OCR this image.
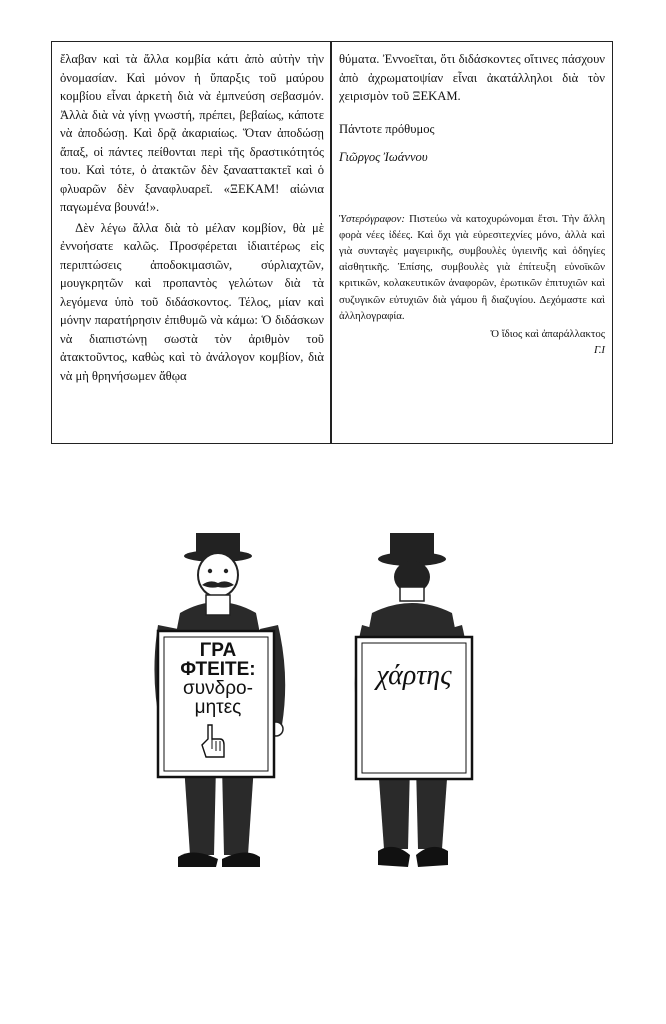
ἔλαβαν καὶ τὰ ἄλλα κομβία κάτι ἀπὸ αὐτὴν τὴν ὀνομασίαν. Καὶ μόνον ἡ ὕπαρξις τοῦ μαύρου κομβίου εἶναι ἀρκετὴ διὰ νὰ ἐμπνεύση σεβασμόν. Ἀλλὰ διὰ νὰ γίνῃ γνωστή, πρέπει, βεβαίως, κάποτε νὰ ἀποδώσῃ. Καὶ δρᾷ ἀκαριαίως. Ὅταν ἀποδώσῃ ἅπαξ, οἱ πάντες πείθονται περὶ τῆς δραστικότητός του. Καὶ τότε, ὁ ἀτακτῶν δὲν ξανααττακτεῖ καὶ ὁ φλυαρῶν δὲν ξαναφλυαρεῖ. «ΞΕΚΑΜ! αἰώνια παγωμένα βουνά!».

Δὲν λέγω ἄλλα διὰ τὸ μέλαν κομβίον, θὰ μὲ ἐννοήσατε καλῶς. Προσφέρεται ἰδιαιτέρως εἰς περιπτώσεις ἀποδοκιμασιῶν, σύρλιαχτῶν, μουγκρητῶν καὶ προπαντὸς γελώτων διὰ τὰ λεγόμενα ὑπὸ τοῦ διδάσκοντος. Τέλος, μίαν καὶ μόνην παρατήρησιν ἐπιθυμῶ νὰ κάμω: Ὁ διδάσκων νὰ διαπιστώνῃ σωστὰ τὸν ἀριθμὸν τοῦ ἀτακτοῦντος, καθὼς καὶ τὸ ἀνάλογον κομβίον, διὰ νὰ μὴ θρηνήσωμεν ἄθῳα

θύματα. Ἐννοεῖται, ὅτι διδάσκοντες οἵτινες πάσχουν ἀπὸ ἀχρωματοψίαν εἶναι ἀκατάλληλοι διὰ τὸν χειρισμὸν τοῦ ΞΕΚΑΜ.

Πάντοτε πρόθυμος

Γιῶργος Ἰωάννου

Ὑστερόγραφον: Πιστεύω νὰ κατοχυρώνομαι ἔτσι. Τὴν ἄλλη φορὰ νέες ἰδέες. Καὶ ὄχι γιὰ εὑρεσιτεχνίες μόνο, ἀλλὰ καὶ γιὰ συνταγὲς μαγειρικῆς, συμβουλὲς ὑγιεινῆς καὶ ὁδηγίες αἰσθητικῆς. Ἐπίσης, συμβουλὲς γιὰ ἐπίτευξη εὐνοϊκῶν κριτικῶν, κολακευτικῶν ἀναφορῶν, ἐρωτικῶν ἐπιτυχιῶν καὶ συζυγικῶν εὐτυχιῶν διὰ γάμου ἢ διαζυγίου. Δεχόμαστε καὶ ἀλληλογραφία.

Ὁ ἴδιος καὶ ἀπαράλλακτος

Γ.Ι

ΓΡΑ
ΦΤΕΙΤΕ:
συνδρο-
μητες
χάρτης
